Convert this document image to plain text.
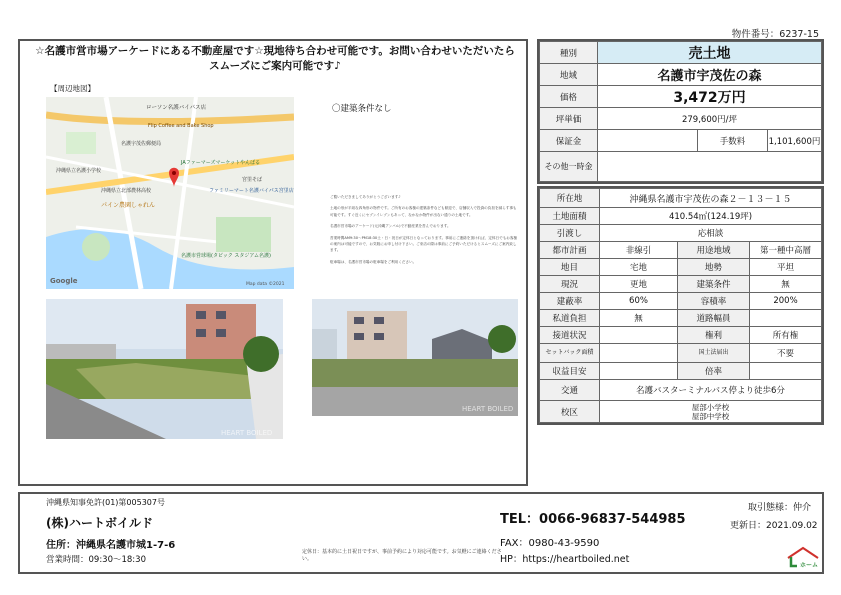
物件番号：6237-15
☆名護市営市場アーケードにある不動産屋です☆現地待ち合わせ可能です。お問い合わせいただいたらスムーズにご案内可能です♪
【周辺地図】
ローソン名護バイパス店
Flip Coffee and Bake Shop
名護宇茂佐郵便局
JAファーマーズマーケットやんばる
宮里そば
ファミリーマート名護バイパス宮里店
沖縄県立北部農林高校
パイン農園しゃれん
名護市営球場(タピック スタジアム名護)
沖縄県立名護小学校
Google	Map data ©2021
〇建築条件なし

ご覧いただきましてありがとうございます♪

土地の形が平坦な四角形の物件です。ご所有のお客様の建築条件なども歓迎で、店舗収入で投資の負担を減らす事も可能です。すぐ近くにセブンイレブンもあって、なかなか物件が出ない通りの土地です。

名護市営市場のアーケード(元沖縄アンバル)で不動産業を営んでおります。

営業時間AM9:30〜PM18:30土・日・祝日が定休日となっております。事前にご連絡を頂ければ、定休日でもお客様の案内は可能ですので、お気軽にお申し付け下さい。ご来店の際は事前にご予約いただけるとスムーズにご案内致します。

駐車場は、名護市営市場の駐車場をご利用ください。

HEART BOILED
HEART BOILED
種別	売土地		
地域	名護市宇茂佐の森		
価格	3,472万円		
坪単価	279,600円/坪		
保証金		手数料	1,101,600円
その他一時金			
所在地	沖縄県名護市宇茂佐の森２－１３－１５		
土地面積	410.54㎡(124.19坪)		
引渡し	応相談		
都市計画	非線引	用途地域	第一種中高層
地目	宅地	地勢	平坦
現況	更地	建築条件	無
建蔽率	60%	容積率	200%
私道負担	無	道路幅員	
接道状況		権利	所有権
セットバック面積		国土法届出	不要
収益目安		倍率	
交通	名護バスターミナルバス停より徒歩6分		
校区	屋部小学校
屋部中学校		
沖縄県知事免許(01)第005307号
(株)ハートボイルド
住所：沖縄県名護市城1-7-6
営業時間：09:30〜18:30
定休日：基本的に土日祝日ですが、事前予約により対応可能です。お気軽にご連絡ください。
TEL：0066-96837-544985
FAX：0980-43-9590
HP：https://heartboiled.net
取引態様：仲介
更新日：2021.09.02
ホーム
